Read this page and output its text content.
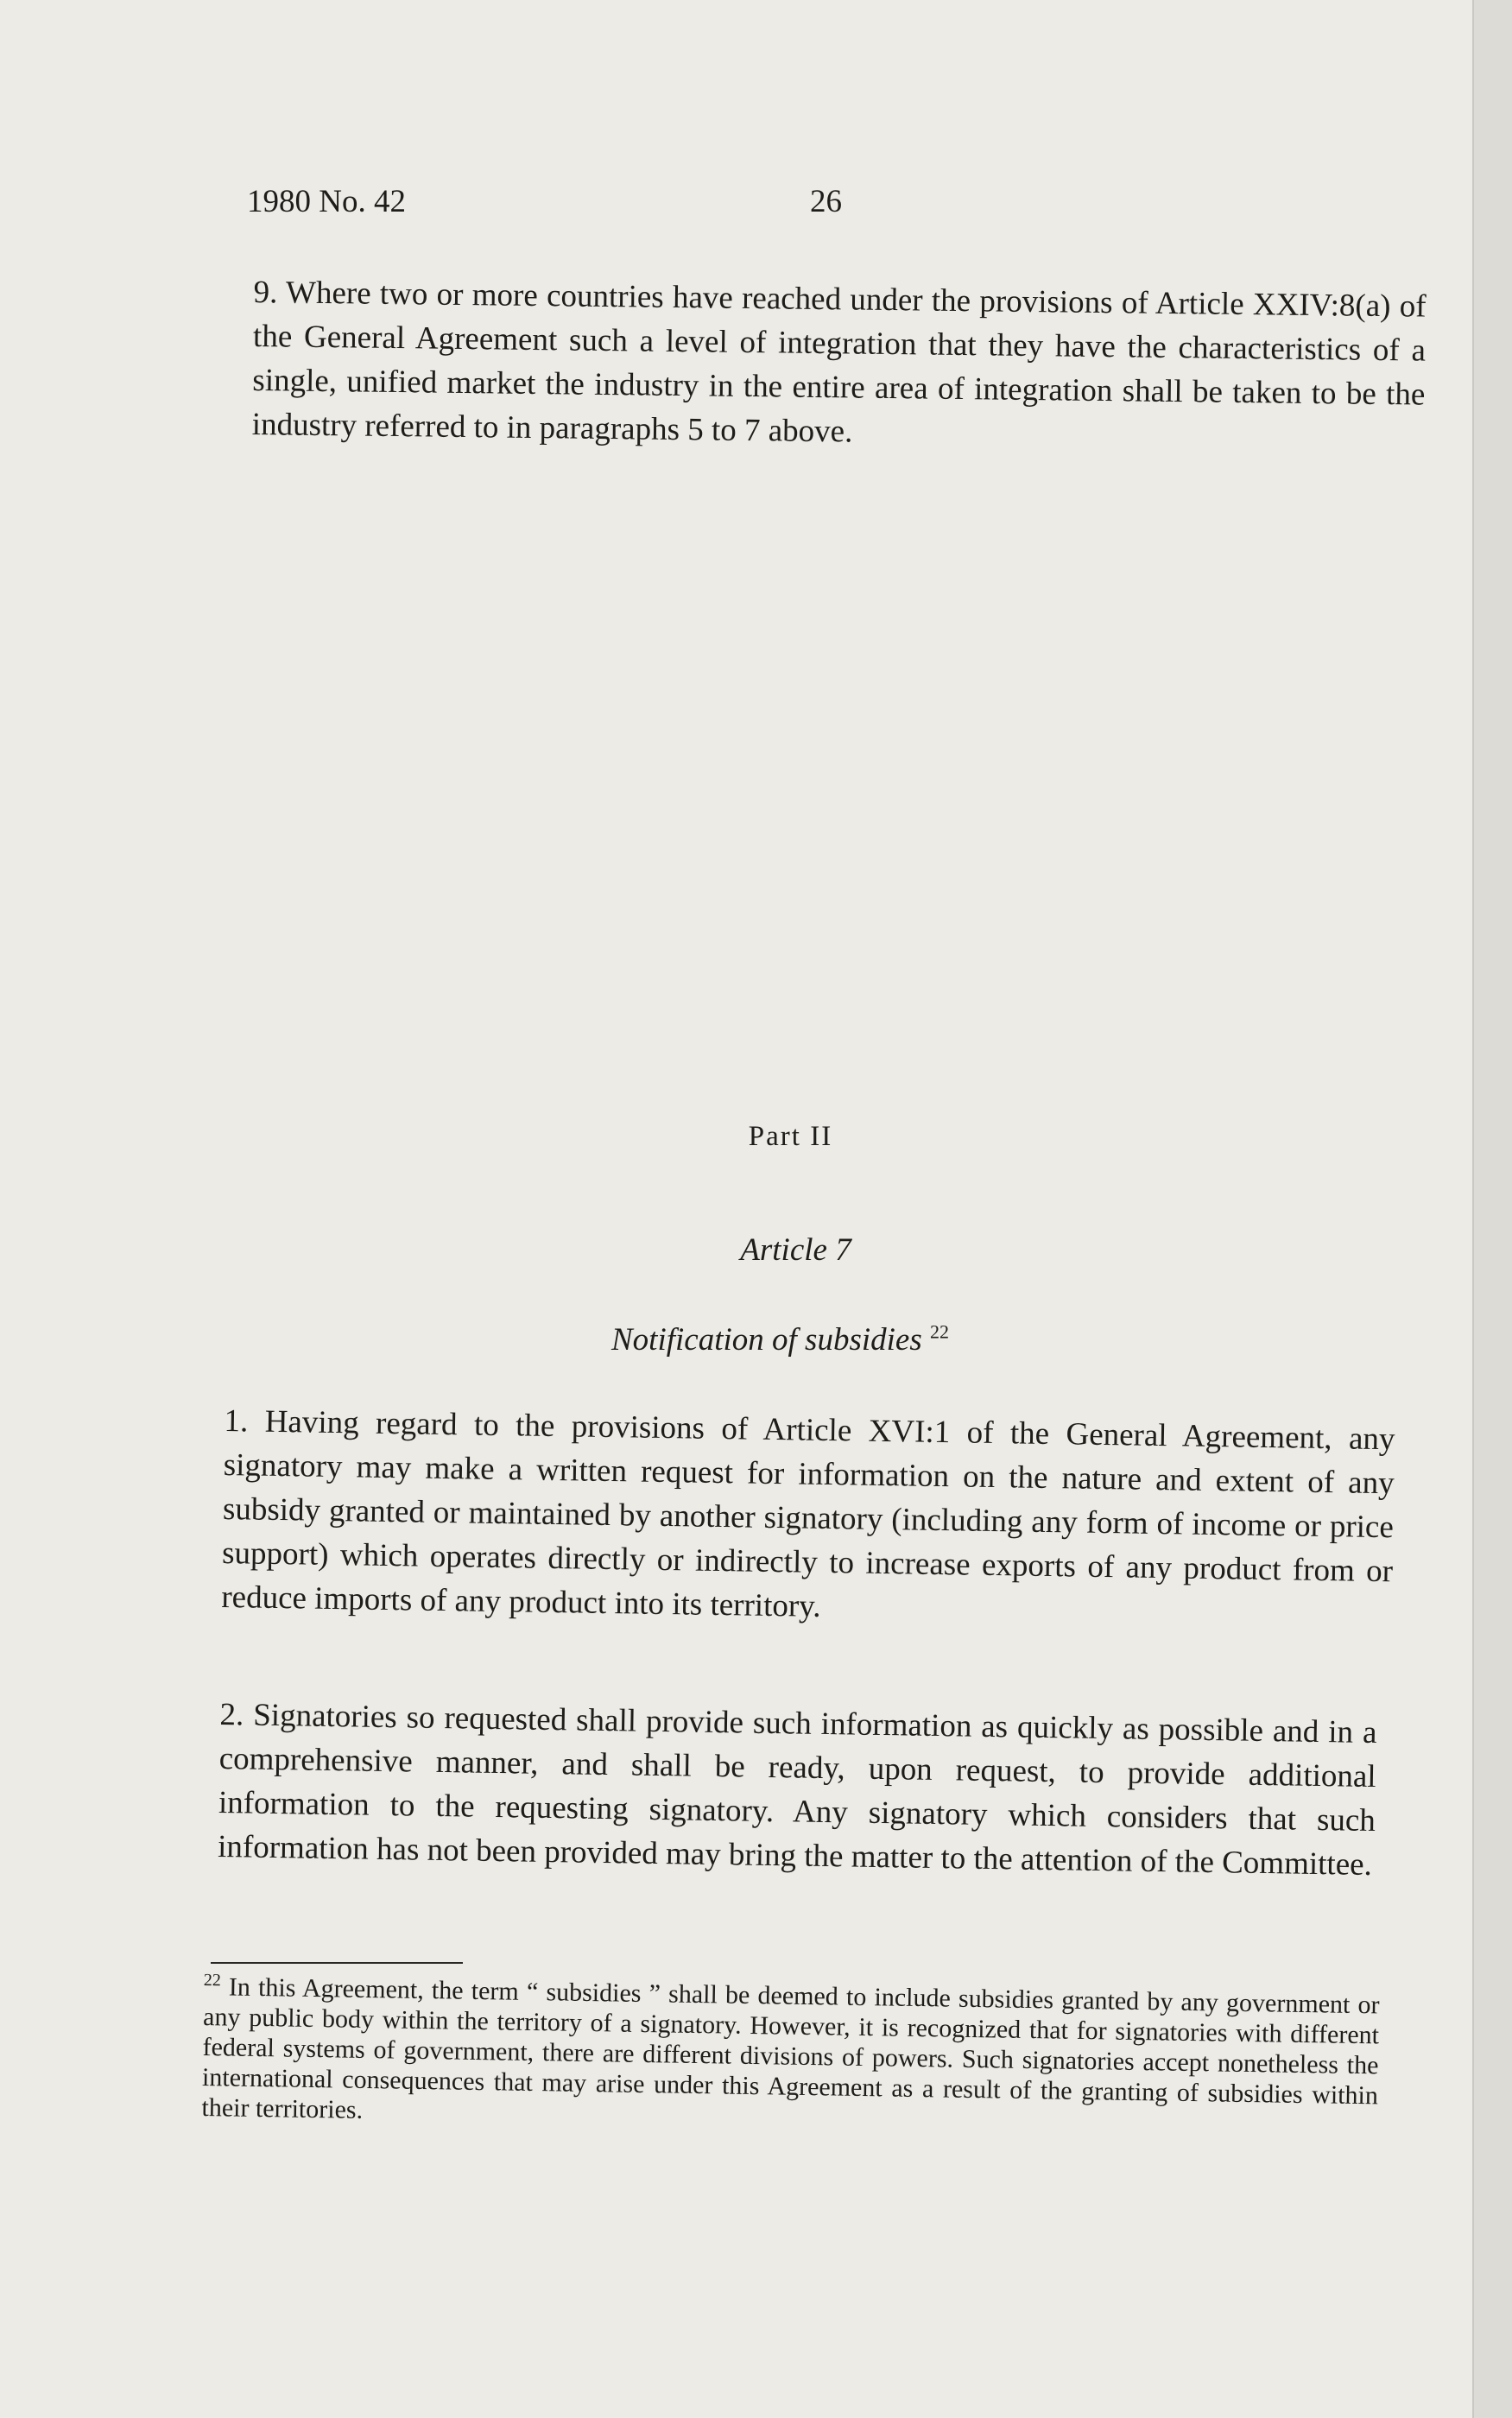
1980 No. 42	26
9. Where two or more countries have reached under the provisions of Article XXIV:8(a) of the General Agreement such a level of integration that they have the characteristics of a single, unified market the industry in the entire area of integration shall be taken to be the industry referred to in paragraphs 5 to 7 above.
Part II
Article 7
Notification of subsidies $^{22}$
1. Having regard to the provisions of Article XVI:1 of the General Agreement, any signatory may make a written request for information on the nature and extent of any subsidy granted or maintained by another signatory (including any form of income or price support) which operates directly or indirectly to increase exports of any product from or reduce imports of any product into its territory.
2. Signatories so requested shall provide such information as quickly as possible and in a comprehensive manner, and shall be ready, upon request, to provide additional information to the requesting signatory. Any signatory which considers that such information has not been provided may bring the matter to the attention of the Committee.
$^{22}$ In this Agreement, the term “ subsidies ” shall be deemed to include subsidies granted by any government or any public body within the territory of a signatory. However, it is recognized that for signatories with different federal systems of government, there are different divisions of powers. Such signatories accept nonetheless the international consequences that may arise under this Agreement as a result of the granting of subsidies within their territories.
